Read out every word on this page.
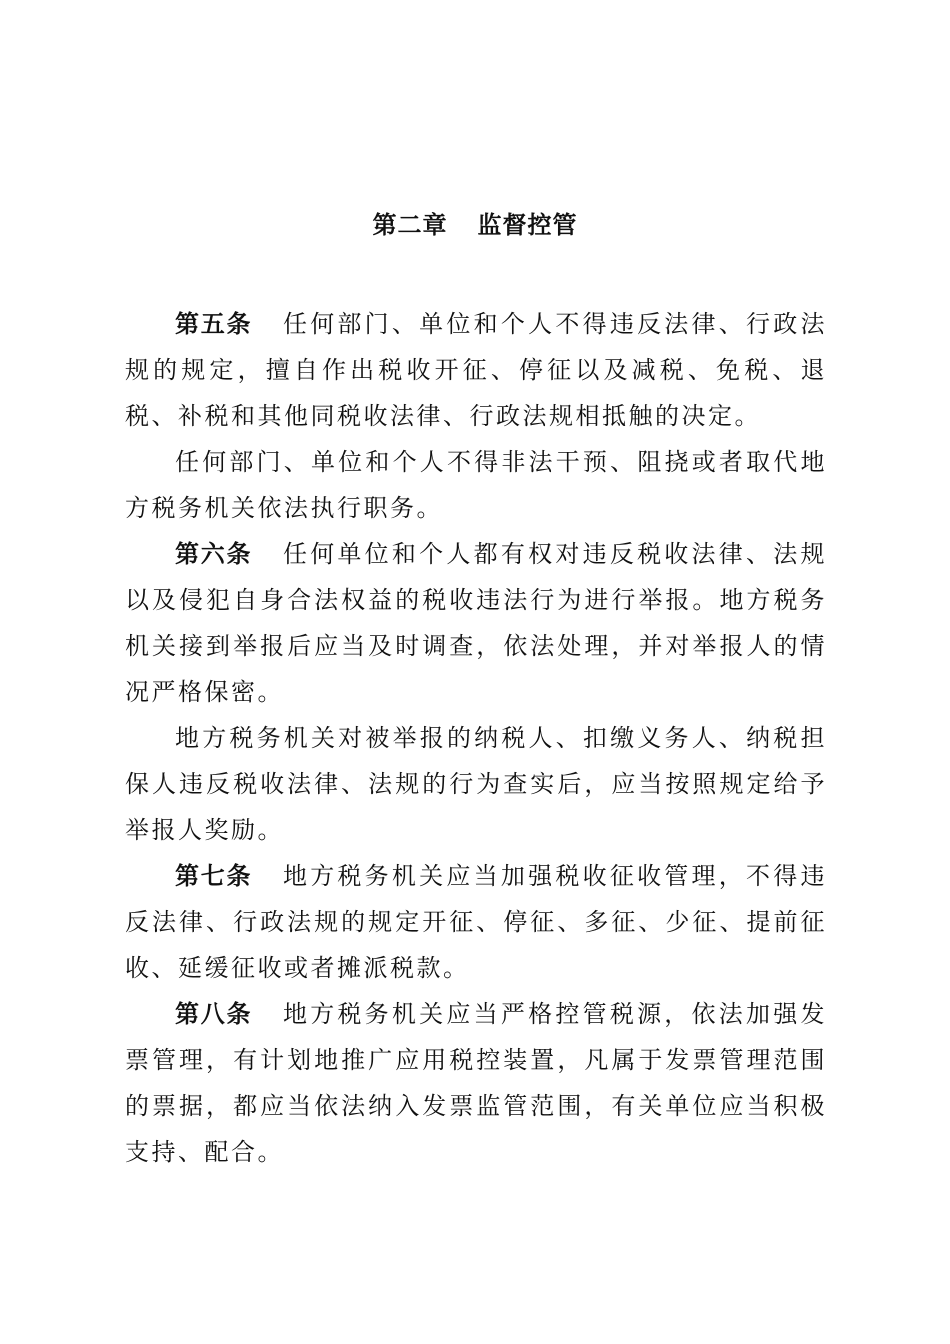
第二章 监督控管

第五条 任何部门、单位和个人不得违反法律、行政法规的规定，擅自作出税收开征、停征以及减税、免税、退税、补税和其他同税收法律、行政法规相抵触的决定。

任何部门、单位和个人不得非法干预、阻挠或者取代地方税务机关依法执行职务。

第六条 任何单位和个人都有权对违反税收法律、法规以及侵犯自身合法权益的税收违法行为进行举报。地方税务机关接到举报后应当及时调查，依法处理，并对举报人的情况严格保密。

地方税务机关对被举报的纳税人、扣缴义务人、纳税担保人违反税收法律、法规的行为查实后，应当按照规定给予举报人奖励。

第七条 地方税务机关应当加强税收征收管理，不得违反法律、行政法规的规定开征、停征、多征、少征、提前征收、延缓征收或者摊派税款。

第八条 地方税务机关应当严格控管税源，依法加强发票管理，有计划地推广应用税控装置，凡属于发票管理范围的票据，都应当依法纳入发票监管范围，有关单位应当积极支持、配合。
